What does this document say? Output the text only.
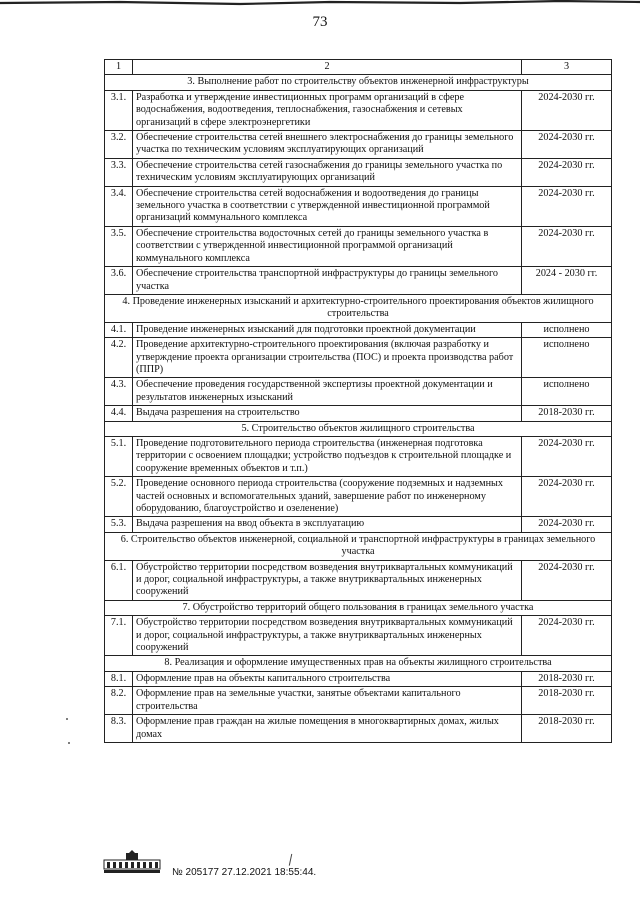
73
1	2	3
3. Выполнение работ по строительству объектов инженерной инфраструктуры		
3.1.	Разработка и утверждение инвестиционных программ организаций в сфере водоснабжения, водоотведения, теплоснабжения, газоснабжения и сетевых организаций в сфере электроэнергетики	2024-2030 гг.
3.2.	Обеспечение строительства сетей внешнего электроснабжения до границы земельного участка по техническим условиям эксплуатирующих организаций	2024-2030 гг.
3.3.	Обеспечение строительства сетей газоснабжения до границы земельного участка по техническим условиям эксплуатирующих организаций	2024-2030 гг.
3.4.	Обеспечение строительства сетей водоснабжения и водоотведения до границы земельного участка в соответствии с утвержденной инвестиционной программой организаций коммунального комплекса	2024-2030 гг.
3.5.	Обеспечение строительства водосточных сетей до границы земельного участка в соответствии с утвержденной инвестиционной программой организаций коммунального комплекса	2024-2030 гг.
3.6.	Обеспечение строительства транспортной инфраструктуры до границы земельного участка	2024 - 2030 гг.
4. Проведение инженерных изысканий и архитектурно-строительного проектирования объектов жилищного строительства		
4.1.	Проведение инженерных изысканий для подготовки проектной документации	исполнено
4.2.	Проведение архитектурно-строительного проектирования (включая разработку и утверждение проекта организации строительства (ПОС) и проекта производства работ (ППР)	исполнено
4.3.	Обеспечение проведения государственной экспертизы проектной документации и результатов инженерных изысканий	исполнено
4.4.	Выдача разрешения на строительство	2018-2030 гг.
5. Строительство объектов жилищного строительства		
5.1.	Проведение подготовительного периода строительства (инженерная подготовка территории с освоением площадки; устройство подъездов к строительной площадке и сооружение временных объектов и т.п.)	2024-2030 гг.
5.2.	Проведение основного периода строительства (сооружение подземных и надземных частей основных и вспомогательных зданий, завершение работ по инженерному оборудованию, благоустройство и озеленение)	2024-2030 гг.
5.3.	Выдача разрешения на ввод объекта в эксплуатацию	2024-2030 гг.
6. Строительство объектов инженерной, социальной и транспортной инфраструктуры в границах земельного участка		
6.1.	Обустройство территории посредством возведения внутриквартальных коммуникаций и дорог, социальной инфраструктуры, а также внутриквартальных инженерных сооружений	2024-2030 гг.
7. Обустройство территорий общего пользования в границах земельного участка		
7.1.	Обустройство территории посредством возведения внутриквартальных коммуникаций и дорог, социальной инфраструктуры, а также внутриквартальных инженерных сооружений	2024-2030 гг.
8. Реализация и оформление имущественных прав на объекты жилищного строительства		
8.1.	Оформление прав на объекты капитального строительства	2018-2030 гг.
8.2.	Оформление прав на земельные участки, занятые объектами капитального строительства	2018-2030 гг.
8.3.	Оформление прав граждан на жилые помещения в многоквартирных домах, жилых домах	2018-2030 гг.
№ 205177 27.12.2021 18:55:44.
